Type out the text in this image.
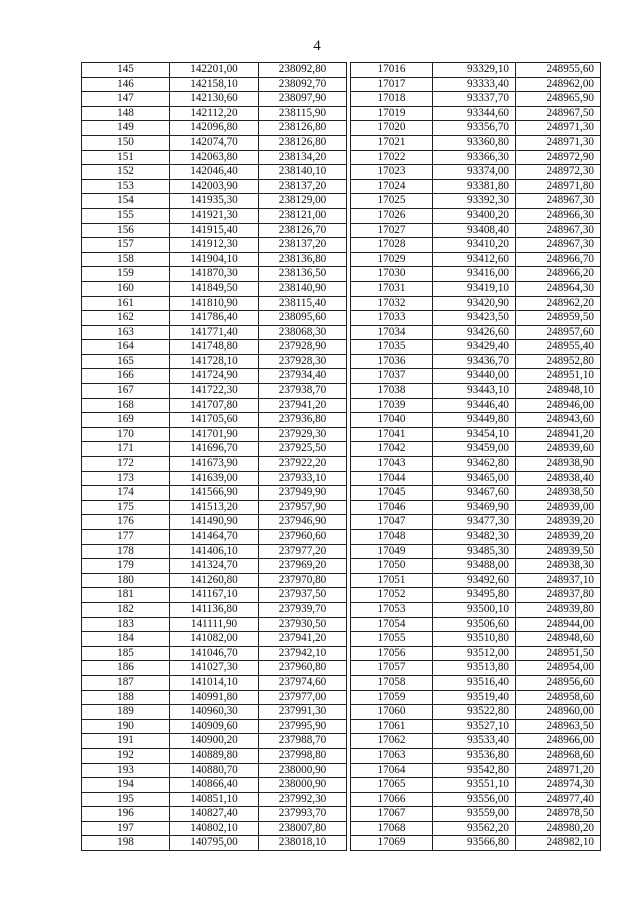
4
145	142201,00	238092,80		17016	93329,10	248955,60
146	142158,10	238092,70		17017	93333,40	248962,00
147	142130,60	238097,90		17018	93337,70	248965,90
148	142112,20	238115,90		17019	93344,60	248967,50
149	142096,80	238126,80		17020	93356,70	248971,30
150	142074,70	238126,80		17021	93360,80	248971,30
151	142063,80	238134,20		17022	93366,30	248972,90
152	142046,40	238140,10		17023	93374,00	248972,30
153	142003,90	238137,20		17024	93381,80	248971,80
154	141935,30	238129,00		17025	93392,30	248967,30
155	141921,30	238121,00		17026	93400,20	248966,30
156	141915,40	238126,70		17027	93408,40	248967,30
157	141912,30	238137,20		17028	93410,20	248967,30
158	141904,10	238136,80		17029	93412,60	248966,70
159	141870,30	238136,50		17030	93416,00	248966,20
160	141849,50	238140,90		17031	93419,10	248964,30
161	141810,90	238115,40		17032	93420,90	248962,20
162	141786,40	238095,60		17033	93423,50	248959,50
163	141771,40	238068,30		17034	93426,60	248957,60
164	141748,80	237928,90		17035	93429,40	248955,40
165	141728,10	237928,30		17036	93436,70	248952,80
166	141724,90	237934,40		17037	93440,00	248951,10
167	141722,30	237938,70		17038	93443,10	248948,10
168	141707,80	237941,20		17039	93446,40	248946,00
169	141705,60	237936,80		17040	93449,80	248943,60
170	141701,90	237929,30		17041	93454,10	248941,20
171	141696,70	237925,50		17042	93459,00	248939,60
172	141673,90	237922,20		17043	93462,80	248938,90
173	141639,00	237933,10		17044	93465,00	248938,40
174	141566,90	237949,90		17045	93467,60	248938,50
175	141513,20	237957,90		17046	93469,90	248939,00
176	141490,90	237946,90		17047	93477,30	248939,20
177	141464,70	237960,60		17048	93482,30	248939,20
178	141406,10	237977,20		17049	93485,30	248939,50
179	141324,70	237969,20		17050	93488,00	248938,30
180	141260,80	237970,80		17051	93492,60	248937,10
181	141167,10	237937,50		17052	93495,80	248937,80
182	141136,80	237939,70		17053	93500,10	248939,80
183	141111,90	237930,50		17054	93506,60	248944,00
184	141082,00	237941,20		17055	93510,80	248948,60
185	141046,70	237942,10		17056	93512,00	248951,50
186	141027,30	237960,80		17057	93513,80	248954,00
187	141014,10	237974,60		17058	93516,40	248956,60
188	140991,80	237977,00		17059	93519,40	248958,60
189	140960,30	237991,30		17060	93522,80	248960,00
190	140909,60	237995,90		17061	93527,10	248963,50
191	140900,20	237988,70		17062	93533,40	248966,00
192	140889,80	237998,80		17063	93536,80	248968,60
193	140880,70	238000,90		17064	93542,80	248971,20
194	140866,40	238000,90		17065	93551,10	248974,30
195	140851,10	237992,30		17066	93556,00	248977,40
196	140827,40	237993,70		17067	93559,00	248978,50
197	140802,10	238007,80		17068	93562,20	248980,20
198	140795,00	238018,10		17069	93566,80	248982,10
